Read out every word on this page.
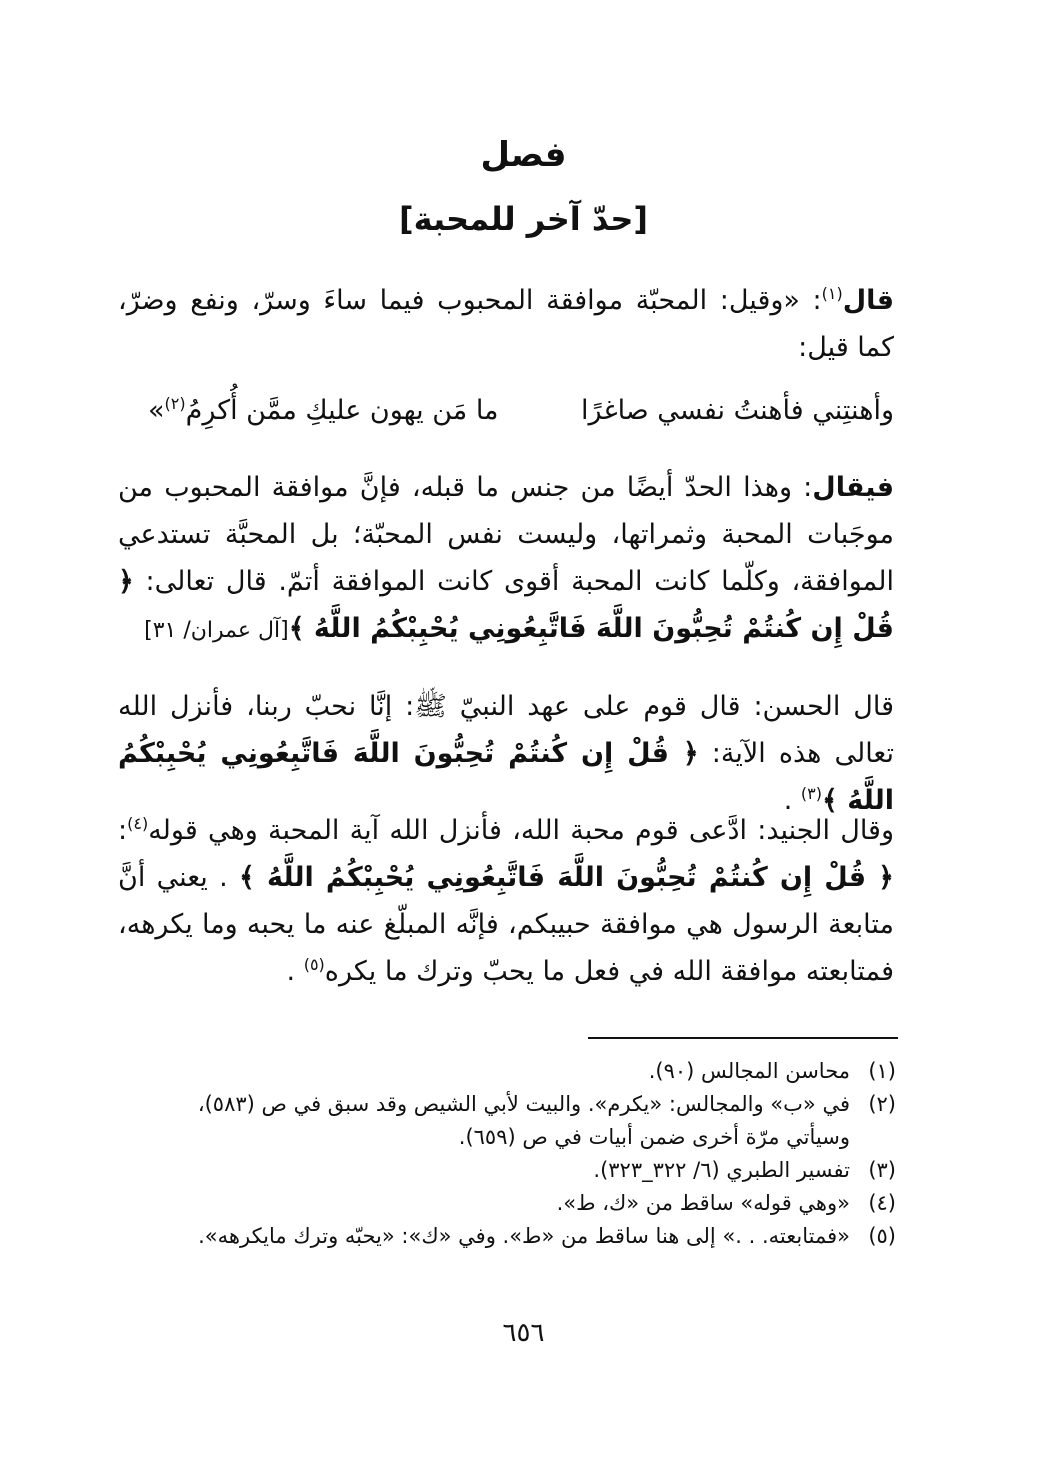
فصل
[حدّ آخر للمحبة]
قال$^{(١)}$: «وقيل: المحبّة موافقة المحبوب فيما ساءَ وسرّ، ونفع وضرّ، كما قيل:
وأهنتِني فأهنتُ نفسي صاغرًا
ما مَن يهون عليكِ ممَّن أُكرِمُ$^{(٢)}$»
فيقال: وهذا الحدّ أيضًا من جنس ما قبله، فإنَّ موافقة المحبوب من موجَبات المحبة وثمراتها، وليست نفس المحبّة؛ بل المحبَّة تستدعي الموافقة، وكلّما كانت المحبة أقوى كانت الموافقة أتمّ. قال تعالى: ﴿ قُلْ إِن كُنتُمْ تُحِبُّونَ اللَّهَ فَاتَّبِعُونِي يُحْبِبْكُمُ اللَّهُ ﴾[آل عمران/ ٣١]
قال الحسن: قال قوم على عهد النبيّ ﷺ: إنَّا نحبّ ربنا، فأنزل الله تعالى هذه الآية: ﴿ قُلْ إِن كُنتُمْ تُحِبُّونَ اللَّهَ فَاتَّبِعُونِي يُحْبِبْكُمُ اللَّهُ ﴾$^{(٣)}$ .
وقال الجنيد: ادَّعى قوم محبة الله، فأنزل الله آية المحبة وهي قوله$^{(٤)}$: ﴿ قُلْ إِن كُنتُمْ تُحِبُّونَ اللَّهَ فَاتَّبِعُونِي يُحْبِبْكُمُ اللَّهُ ﴾ . يعني أنَّ متابعة الرسول هي موافقة حبيبكم، فإنَّه المبلّغ عنه ما يحبه وما يكرهه، فمتابعته موافقة الله في فعل ما يحبّ وترك ما يكره$^{(٥)}$ .
(١)
محاسن المجالس (٩٠).
(٢)
في «ب» والمجالس: «يكرم». والبيت لأبي الشيص وقد سبق في ص (٥٨٣)، وسيأتي مرّة أخرى ضمن أبيات في ص (٦٥٩).
(٣)
تفسير الطبري (٦/ ٣٢٢_٣٢٣).
(٤)
«وهي قوله» ساقط من «ك، ط».
(٥)
«فمتابعته. . .» إلى هنا ساقط من «ط». وفي «ك»: «يحبّه وترك مايكرهه».
٦٥٦
